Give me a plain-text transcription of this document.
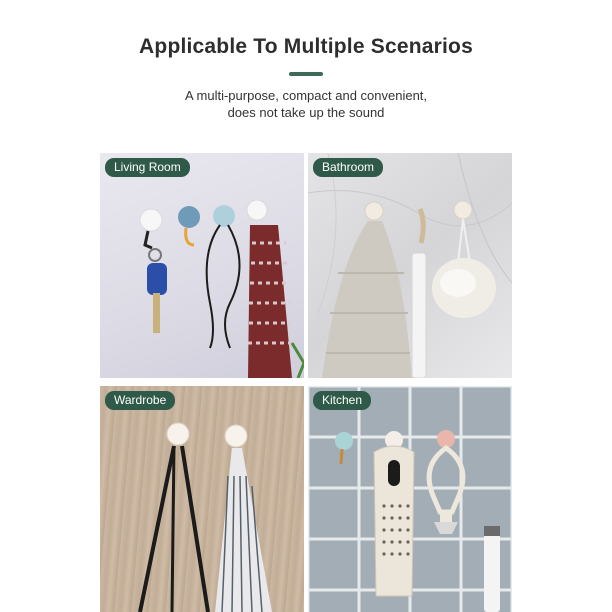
Applicable To Multiple Scenarios
A multi-purpose, compact and convenient,
does not take up the sound
Living Room	Bathroom
Wardrobe	Kitchen
